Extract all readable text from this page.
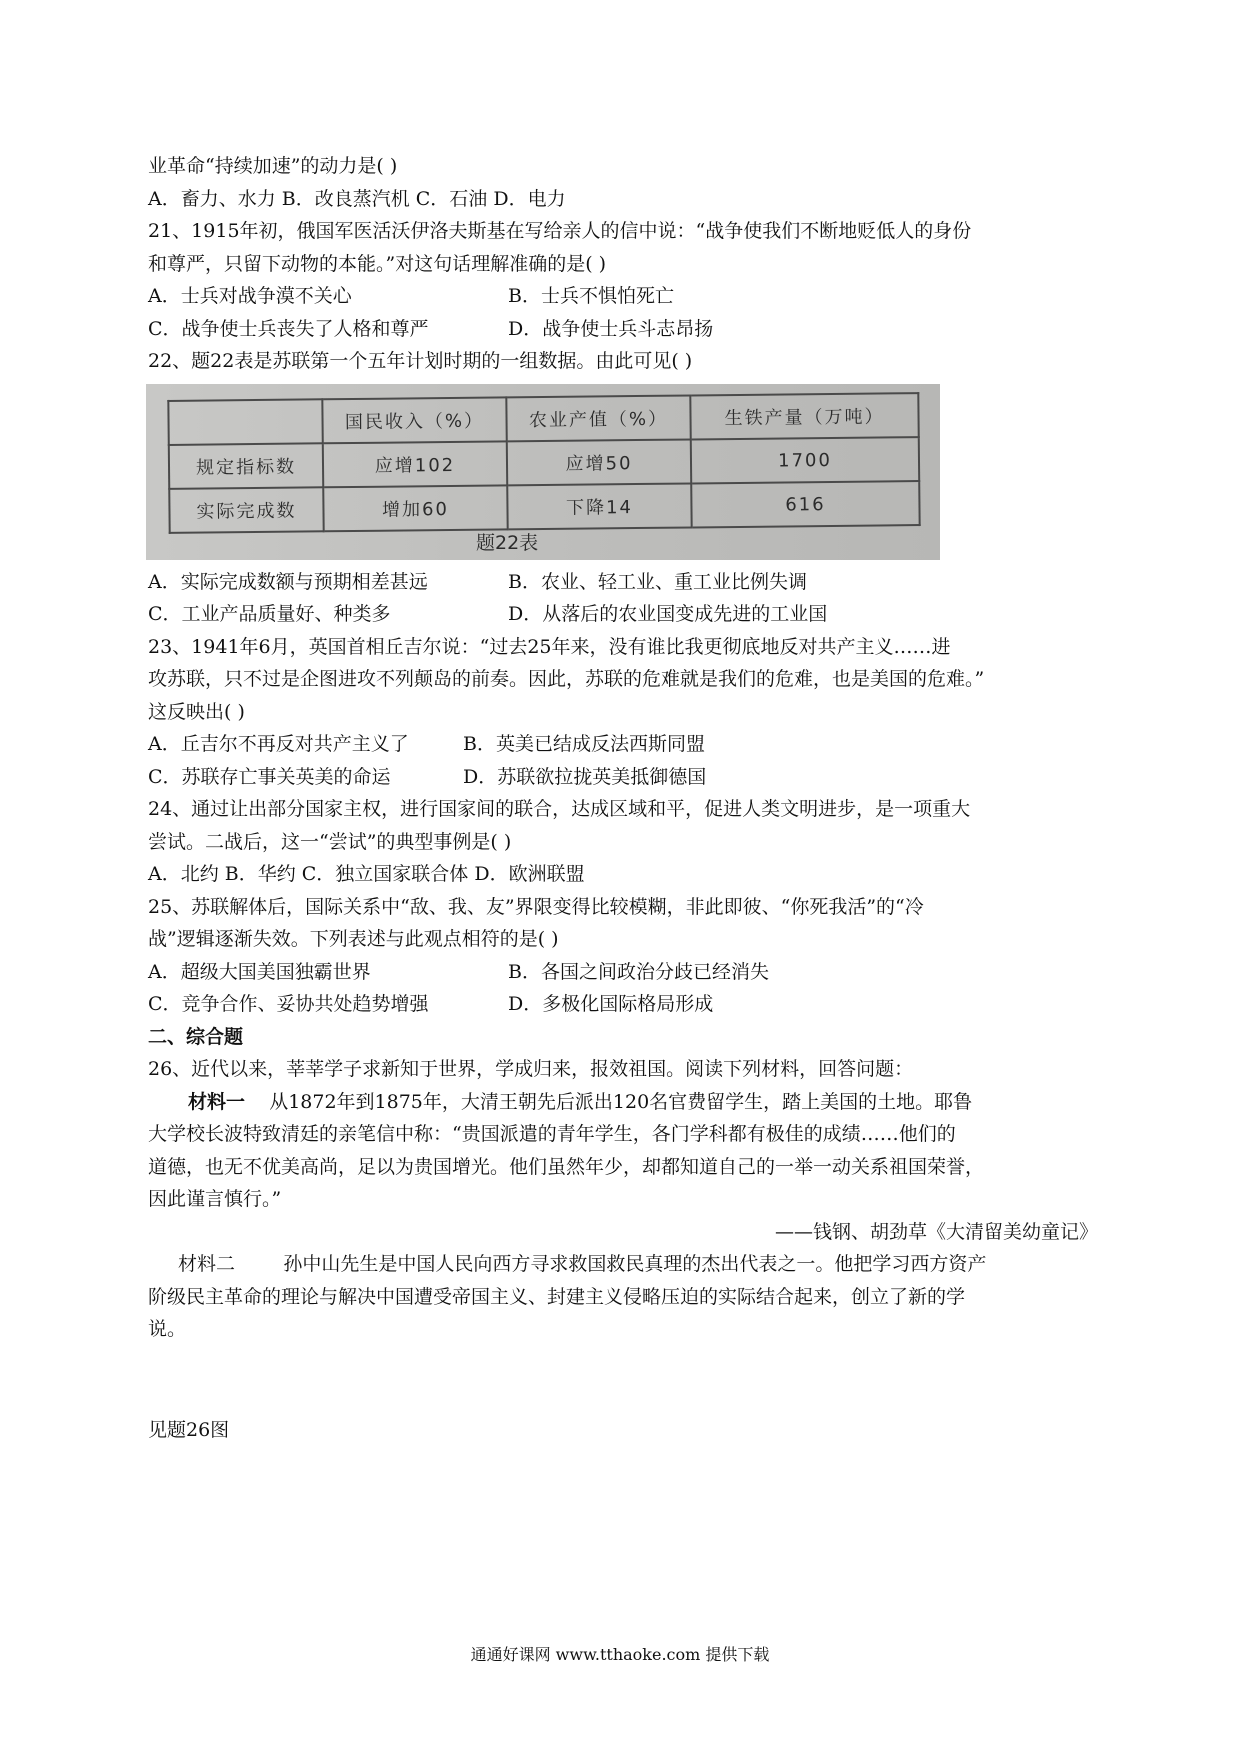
业革命“持续加速”的动力是( )
A．畜力、水力 B．改良蒸汽机 C．石油 D．电力
21、1915年初，俄国军医活沃伊洛夫斯基在写给亲人的信中说：“战争使我们不断地贬低人的身份
和尊严，只留下动物的本能。”对这句话理解准确的是( )
A．士兵对战争漠不关心	B．士兵不惧怕死亡
C．战争使士兵丧失了人格和尊严	D．战争使士兵斗志昂扬
22、题22表是苏联第一个五年计划时期的一组数据。由此可见( )
	国民收入（%）	农业产值（%）	生铁产量（万吨）
规定指标数	应增102	应增50	1700
实际完成数	增加60	下降14	616
题22表
A．实际完成数额与预期相差甚远	B．农业、轻工业、重工业比例失调
C．工业产品质量好、种类多	D．从落后的农业国变成先进的工业国
23、1941年6月，英国首相丘吉尔说：“过去25年来，没有谁比我更彻底地反对共产主义……进
攻苏联，只不过是企图进攻不列颠岛的前奏。因此，苏联的危难就是我们的危难，也是美国的危难。”
这反映出( )
A．丘吉尔不再反对共产主义了	B．英美已结成反法西斯同盟
C．苏联存亡事关英美的命运	D．苏联欲拉拢英美抵御德国
24、通过让出部分国家主权，进行国家间的联合，达成区域和平，促进人类文明进步，是一项重大
尝试。二战后，这一“尝试”的典型事例是( )
A．北约 B．华约 C．独立国家联合体 D．欧洲联盟
25、苏联解体后，国际关系中“敌、我、友”界限变得比较模糊，非此即彼、“你死我活”的“冷
战”逻辑逐渐失效。下列表述与此观点相符的是( )
A．超级大国美国独霸世界	B．各国之间政治分歧已经消失
C．竞争合作、妥协共处趋势增强	D．多极化国际格局形成
二、综合题
26、近代以来，莘莘学子求新知于世界，学成归来，报效祖国。阅读下列材料，回答问题：
材料一 从1872年到1875年，大清王朝先后派出120名官费留学生，踏上美国的土地。耶鲁
大学校长波特致清廷的亲笔信中称：“贵国派遣的青年学生，各门学科都有极佳的成绩……他们的
道德，也无不优美高尚，足以为贵国增光。他们虽然年少，却都知道自己的一举一动关系祖国荣誉，
因此谨言慎行。”
——钱钢、胡劲草《大清留美幼童记》
材料二	孙中山先生是中国人民向西方寻求救国救民真理的杰出代表之一。他把学习西方资产
阶级民主革命的理论与解决中国遭受帝国主义、封建主义侵略压迫的实际结合起来，创立了新的学
说。
见题26图
通通好课网 www.tthaoke.com 提供下载
